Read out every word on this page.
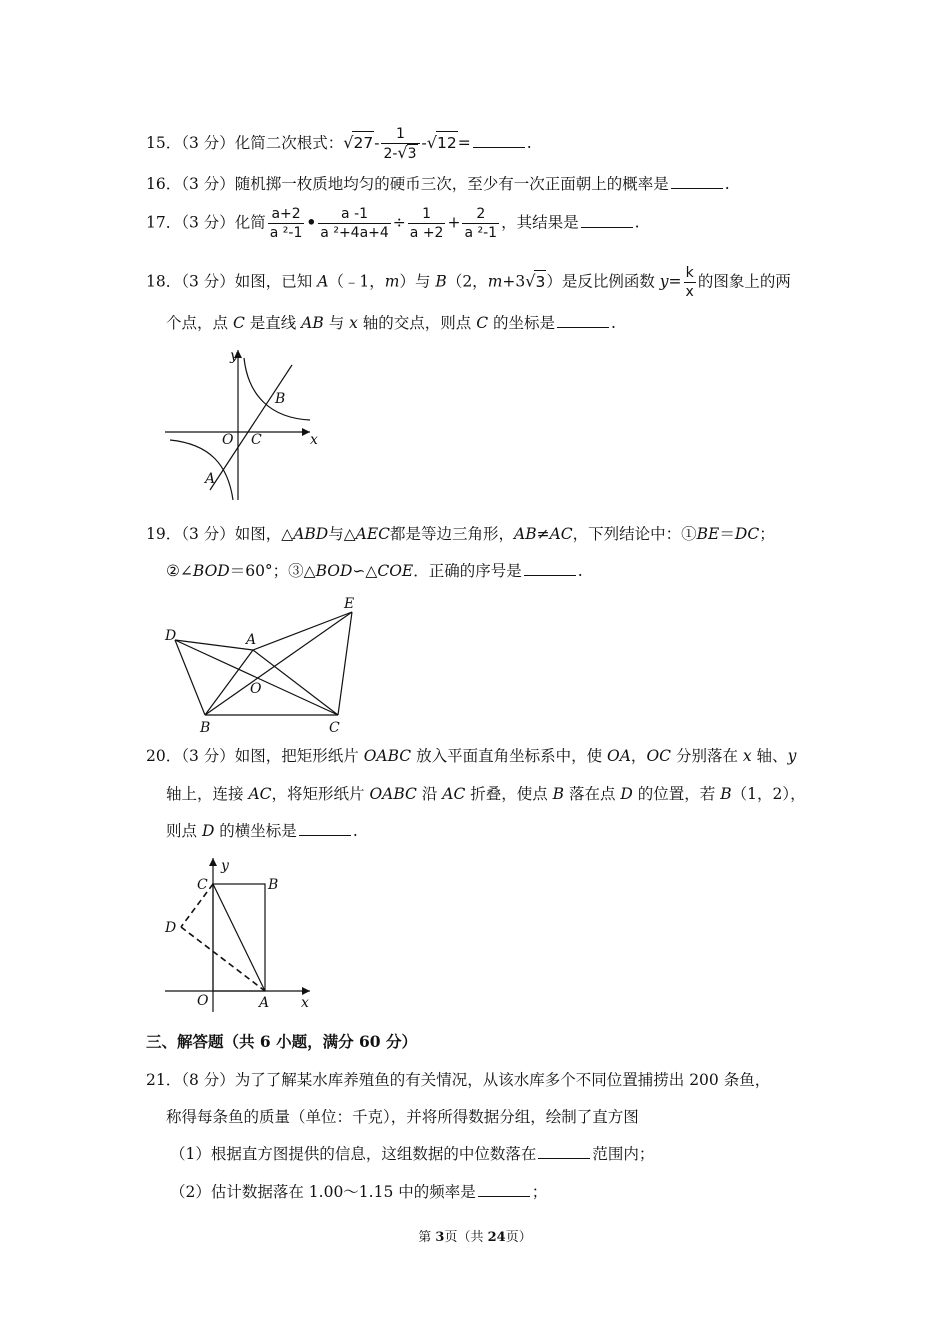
15．（3 分）化简二次根式：$√27- \frac{1}{2-√3} -√12=$	.
16．（3 分）随机掷一枚质地均匀的硬币三次，至少有一次正面朝上的概率是	.
17．（3 分）化简 $\frac{a+2}{\text{a ²-1}}$ • $\frac{a -1}{\text{a ²+4a+4}} \div \frac{1}{a +2} + \frac{2}{\text{a ²-1}}$ ，其结果是	.
18．（3 分）如图，已知 A（﹣1，m）与 B（2，m+3√3）是反比例函数 $y= \frac{k}{x}$ 的图象上的两
个点，点 C 是直线 AB 与 x 轴的交点，则点 C 的坐标是	.
y
B
O C	x
A
19．（3 分）如图，△ABD与△AEC都是等边三角形，AB≠AC，下列结论中：①BE＝DC；
②∠BOD＝60°；③△BOD∽△COE．正确的序号是	.
D	A
E
O
B	C
20．（3 分）如图，把矩形纸片 OABC 放入平面直角坐标系中，使 OA，OC 分别落在 x 轴、y
轴上，连接 AC，将矩形纸片 OABC 沿 AC 折叠，使点 B 落在点 D 的位置，若 B（1，2），
则点 D 的横坐标是	.
y
C	B
D
O	A x
三、解答题（共 6 小题，满分 60 分）
21．（8 分）为了了解某水库养殖鱼的有关情况，从该水库多个不同位置捕捞出 200 条鱼，
称得每条鱼的质量（单位：千克），并将所得数据分组，绘制了直方图
（1）根据直方图提供的信息，这组数据的中位数落在	范围内；
（2）估计数据落在 1.00～1.15 中的频率是	；
第 3页（共 24页）
